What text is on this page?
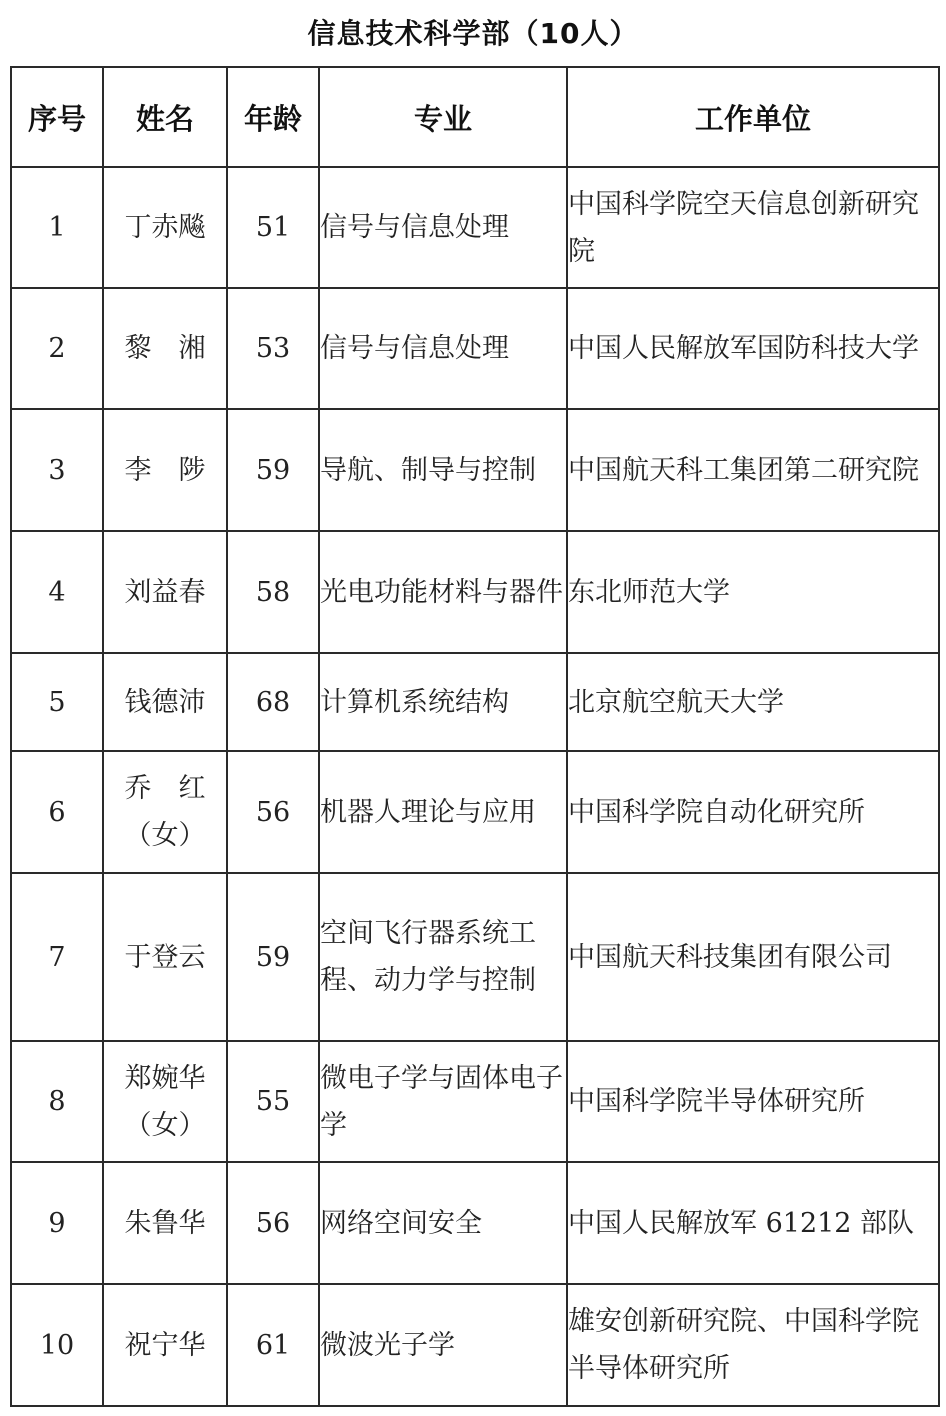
信息技术科学部（10人）
序号	姓名	年龄	专业	工作单位
1	丁赤飚	51	信号与信息处理	中国科学院空天信息创新研究院
2	黎　湘	53	信号与信息处理	中国人民解放军国防科技大学
3	李　陟	59	导航、制导与控制	中国航天科工集团第二研究院
4	刘益春	58	光电功能材料与器件	东北师范大学
5	钱德沛	68	计算机系统结构	北京航空航天大学
6	乔　红（女）	56	机器人理论与应用	中国科学院自动化研究所
7	于登云	59	空间飞行器系统工程、动力学与控制	中国航天科技集团有限公司
8	郑婉华（女）	55	微电子学与固体电子学	中国科学院半导体研究所
9	朱鲁华	56	网络空间安全	中国人民解放军 61212 部队
10	祝宁华	61	微波光子学	雄安创新研究院、中国科学院半导体研究所
